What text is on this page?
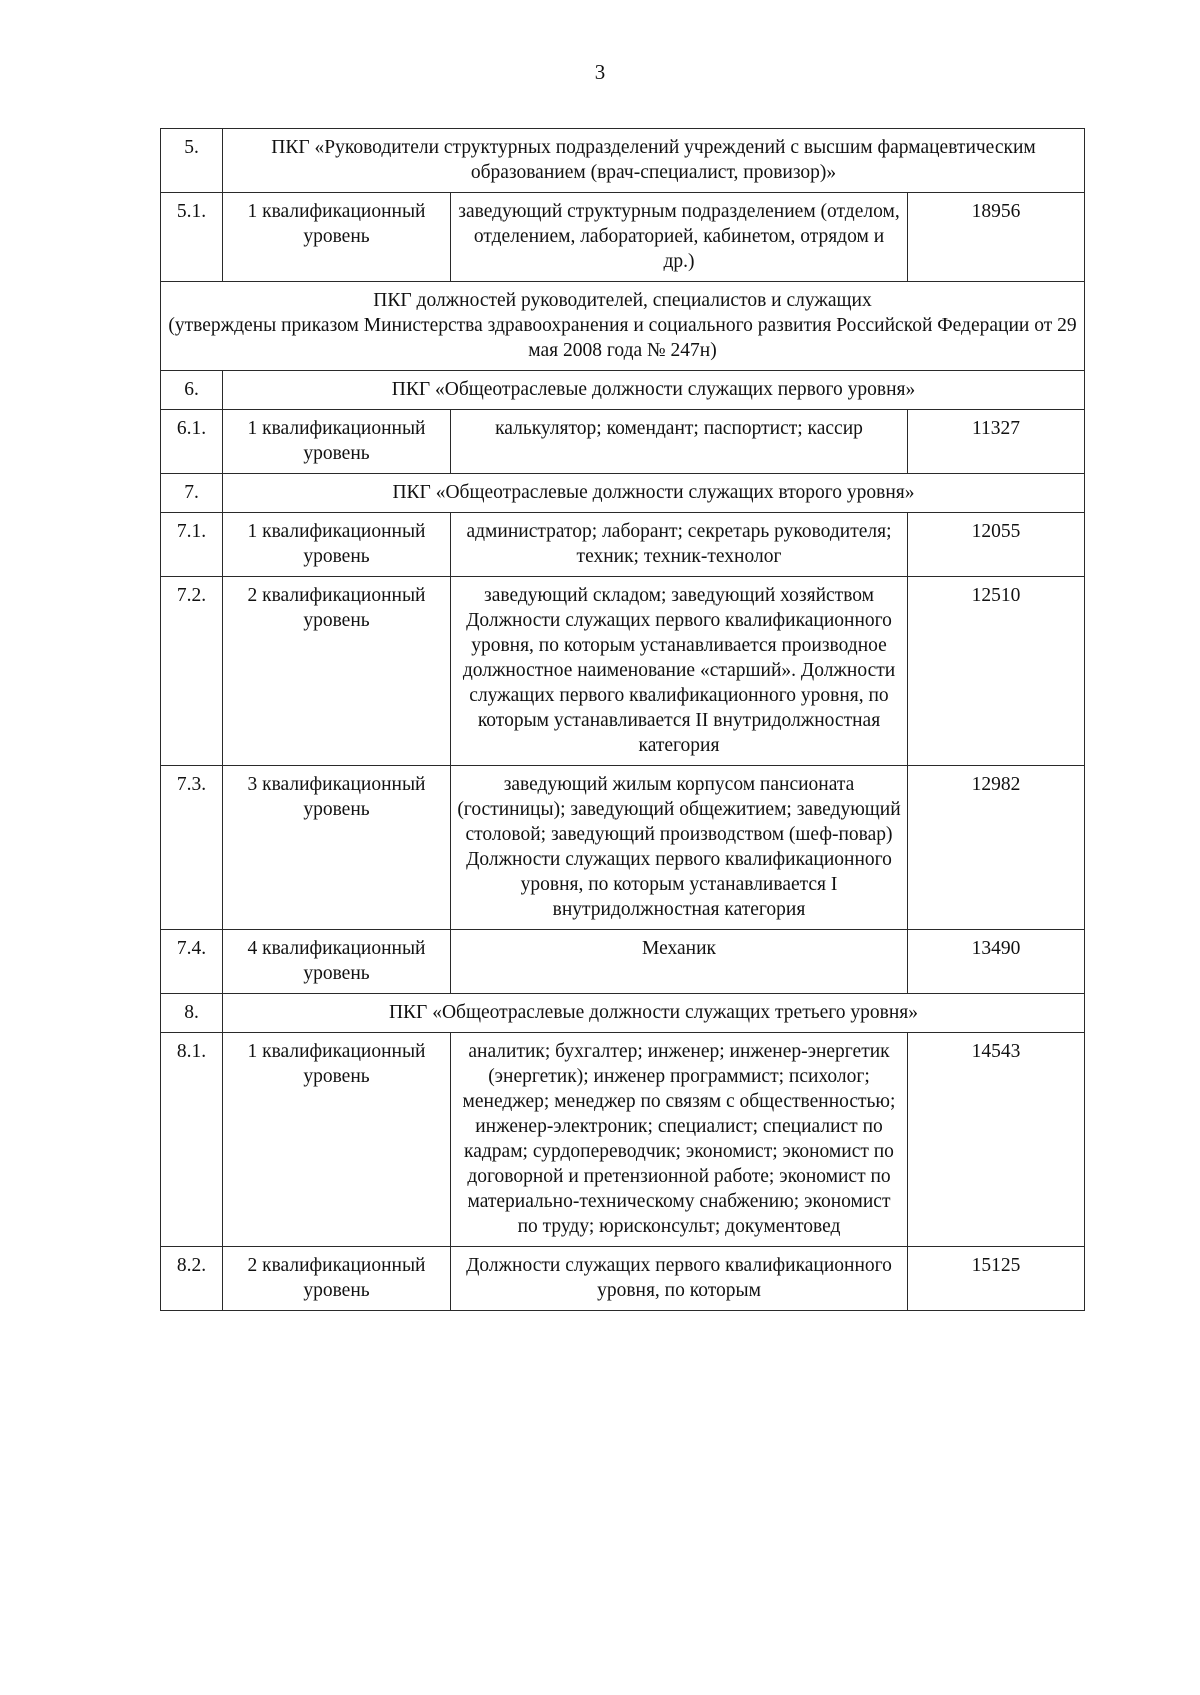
3
5.	ПКГ «Руководители структурных подразделений учреждений с высшим фармацевтическим образованием (врач-специалист, провизор)»		
5.1.	1 квалификационный уровень	заведующий структурным подразделением (отделом, отделением, лабораторией, кабинетом, отрядом и др.)	18956

ПКГ должностей руководителей, специалистов и служащих
(утверждены приказом Министерства здравоохранения и социального развития Российской Федерации от 29 мая 2008 года № 247н)			

6.	ПКГ «Общеотраслевые должности служащих первого уровня»		
6.1.	1 квалификационный уровень	калькулятор; комендант; паспортист; кассир	11327
7.	ПКГ «Общеотраслевые должности служащих второго уровня»		
7.1.	1 квалификационный уровень	администратор; лаборант; секретарь руководителя; техник; техник-технолог	12055
7.2.	2 квалификационный уровень	заведующий складом; заведующий хозяйством Должности служащих первого квалификационного уровня, по которым устанавливается производное должностное наименование «старший». Должности служащих первого квалификационного уровня, по которым устанавливается II внутридолжностная категория	12510
7.3.	3 квалификационный уровень	заведующий жилым корпусом пансионата (гостиницы); заведующий общежитием; заведующий столовой; заведующий производством (шеф-повар) Должности служащих первого квалификационного уровня, по которым устанавливается I внутридолжностная категория	12982
7.4.	4 квалификационный уровень	Механик	13490
8.	ПКГ «Общеотраслевые должности служащих третьего уровня»		
8.1.	1 квалификационный уровень	аналитик; бухгалтер; инженер; инженер-энергетик (энергетик); инженер программист; психолог; менеджер; менеджер по связям с общественностью; инженер-электроник; специалист; специалист по кадрам; сурдопереводчик; экономист; экономист по договорной и претензионной работе; экономист по материально-техническому снабжению; экономист по труду; юрисконсульт; документовед	14543
8.2.	2 квалификационный уровень	Должности служащих первого квалификационного уровня, по которым	15125
